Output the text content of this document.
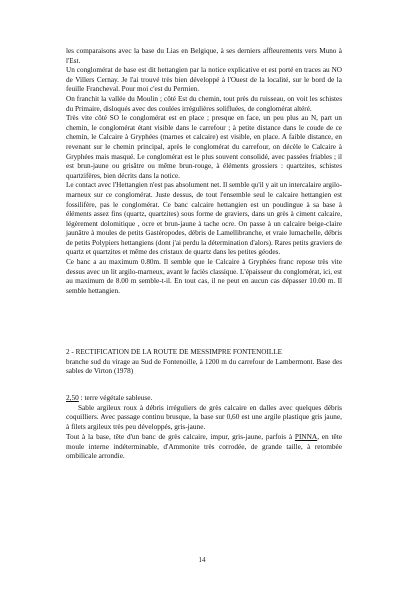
les comparaisons avec la base du Lias en Belgique, à ses derniers affleurements vers Muno à l'Est.

Un conglomérat de base est dit hettangien par la notice explicative et est porté en traces au NO de Villers Cernay. Je l'ai trouvé très bien développé à l'Ouest de la localité, sur le bord de la feuille Francheval. Pour moi c'est du Permien.

On franchit la vallée du Moulin ; côté Est du chemin, tout près du ruisseau, on voit les schistes du Primaire, disloqués avec des coulées irrégulières solifluées, de conglomérat altéré.

Très vite côté SO le conglomérat est en place ; presque en face, un peu plus au N, part un chemin, le conglomérat étant visible dans le carrefour ; à petite distance dans le coude de ce chemin, le Calcaire à Gryphées (marnes et calcaire) est visible, en place. A faible distance, en revenant sur le chemin principal, après le conglomérat du carrefour, on décèle le Calcaire à Gryphées mais masqué. Le conglomérat est le plus souvent consolidé, avec passées friables ; il est brun-jaune ou grisâtre ou même brun-rouge, à éléments grossiers : quartzites, schistes quartzifères, bien décrits dans la notice.

Le contact avec l'Hettangien n'est pas absolument net. Il semble qu'il y ait un intercalaire argilo-marneux sur ce conglomérat. Juste dessus, de tout l'ensemble seul le calcaire hettangien est fossilifère, pas le conglomérat. Ce banc calcaire hettangien est un poudingue à sa base à éléments assez fins (quartz, quartzites) sous forme de graviers, dans un grès à ciment calcaire, légèrement dolomitique , ocre et brun-jaune à tache ocre. On passe à un calcaire beige-claire jaunâtre à moules de petits Gastéropodes, débris de Lamellibranche, et vraie lumachelle, débris de petits Polypiers hettangiens (dont j'ai perdu la détermination d'alors). Rares petits graviers de quartz et quartzites et même des cristaux de quartz dans les petites géodes.

Ce banc a au maximum 0.80m. Il semble que le Calcaire à Gryphées franc repose très vite dessus avec un lit argilo-marneux, avant le faciès classique. L'épaisseur du conglomérat, ici, est au maximum de 8.00 m semble-t-il. En tout cas, il ne peut en aucun cas dépasser 10.00 m. Il semble hettangien.

2 - RECTIFICATION DE LA ROUTE DE MESSIMPRE FONTENOILLE
branche sud du virage au Sud de Fontenoille, à 1200 m du carrefour de Lambermont. Base des sables de Virton (1978)

2,50 : terre végétale sableuse.

Sable argileux roux à débris irréguliers de grès calcaire en dalles avec quelques débris coquilliers. Avec passage continu brusque, la base sur 0,60 est une argile plastique gris jaune, à filets argileux très peu développés, gris-jaune.

Tout à la base, tête d'un banc de grès calcaire, impur, gris-jaune, parfois à PINNA, en tête moule interne indéterminable, d'Ammonite très corrodée, de grande taille, à retombée ombilicale arrondie.

14
